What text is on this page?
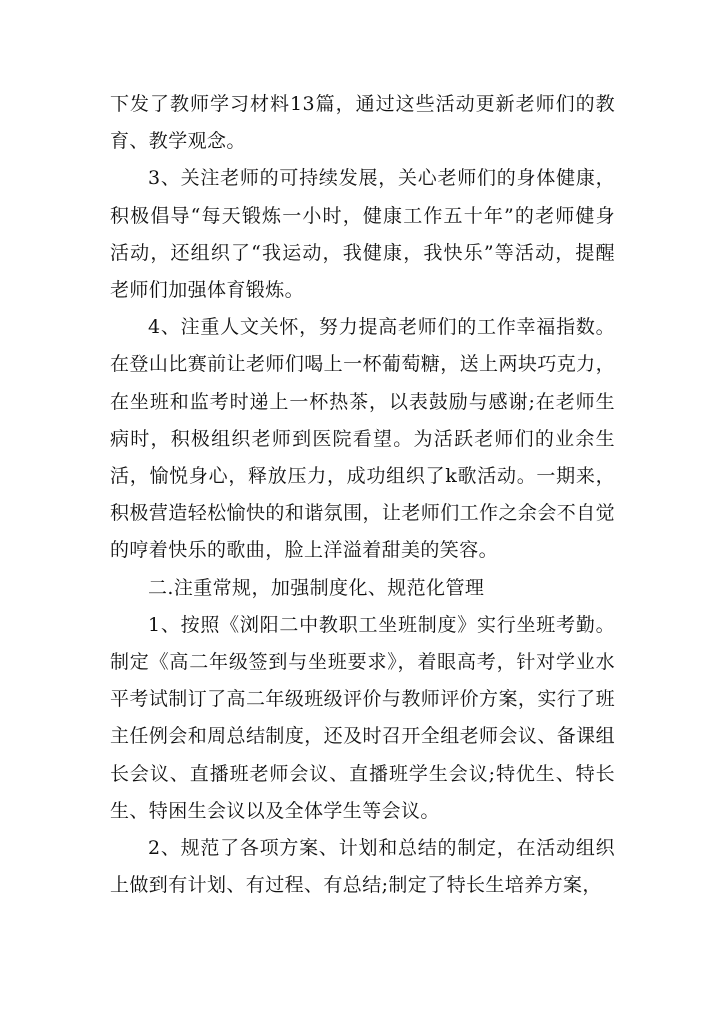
下发了教师学习材料13篇，通过这些活动更新老师们的教育、教学观念。

3、关注老师的可持续发展，关心老师们的身体健康，积极倡导“每天锻炼一小时，健康工作五十年”的老师健身活动，还组织了“我运动，我健康，我快乐”等活动，提醒老师们加强体育锻炼。

4、注重人文关怀，努力提高老师们的工作幸福指数。在登山比赛前让老师们喝上一杯葡萄糖，送上两块巧克力，在坐班和监考时递上一杯热茶，以表鼓励与感谢;在老师生病时，积极组织老师到医院看望。为活跃老师们的业余生活，愉悦身心，释放压力，成功组织了k歌活动。一期来，积极营造轻松愉快的和谐氛围，让老师们工作之余会不自觉的哼着快乐的歌曲，脸上洋溢着甜美的笑容。

二.注重常规，加强制度化、规范化管理

1、按照《浏阳二中教职工坐班制度》实行坐班考勤。制定《高二年级签到与坐班要求》，着眼高考，针对学业水平考试制订了高二年级班级评价与教师评价方案，实行了班主任例会和周总结制度，还及时召开全组老师会议、备课组长会议、直播班老师会议、直播班学生会议;特优生、特长生、特困生会议以及全体学生等会议。

2、规范了各项方案、计划和总结的制定，在活动组织上做到有计划、有过程、有总结;制定了特长生培养方案，
